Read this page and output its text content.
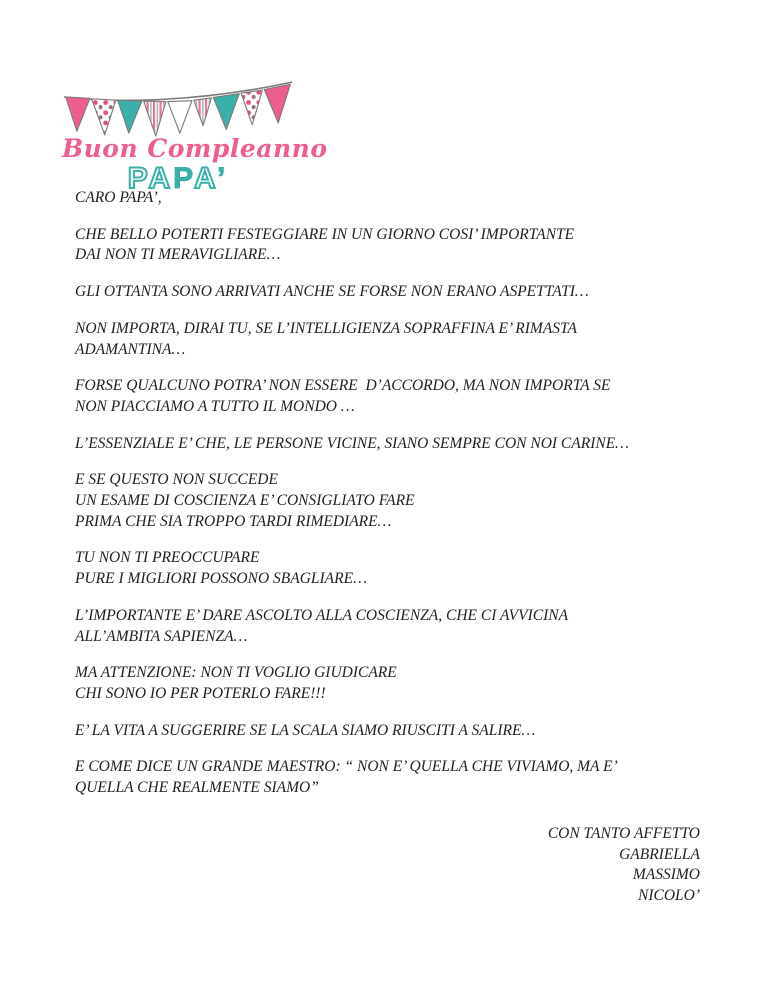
Buon Compleanno
PAPA’
CARO PAPA’,
CHE BELLO POTERTI FESTEGGIARE IN UN GIORNO COSI’ IMPORTANTE
DAI NON TI MERAVIGLIARE…
GLI OTTANTA SONO ARRIVATI ANCHE SE FORSE NON ERANO ASPETTATI…
NON IMPORTA, DIRAI TU, SE L’INTELLIGIENZA SOPRAFFINA E’ RIMASTA
ADAMANTINA…
FORSE QUALCUNO POTRA’ NON ESSERE  D’ACCORDO, MA NON IMPORTA SE
NON PIACCIAMO A TUTTO IL MONDO …
L’ESSENZIALE E’ CHE, LE PERSONE VICINE, SIANO SEMPRE CON NOI CARINE…
E SE QUESTO NON SUCCEDE
UN ESAME DI COSCIENZA E’ CONSIGLIATO FARE
PRIMA CHE SIA TROPPO TARDI RIMEDIARE…
TU NON TI PREOCCUPARE
PURE I MIGLIORI POSSONO SBAGLIARE…
L’IMPORTANTE E’ DARE ASCOLTO ALLA COSCIENZA, CHE CI AVVICINA
ALL’AMBITA SAPIENZA…
MA ATTENZIONE: NON TI VOGLIO GIUDICARE
CHI SONO IO PER POTERLO FARE!!!
E’ LA VITA A SUGGERIRE SE LA SCALA SIAMO RIUSCITI A SALIRE…
E COME DICE UN GRANDE MAESTRO: “ NON E’ QUELLA CHE VIVIAMO, MA E’
QUELLA CHE REALMENTE SIAMO”
CON TANTO AFFETTO
GABRIELLA
MASSIMO
NICOLO’
